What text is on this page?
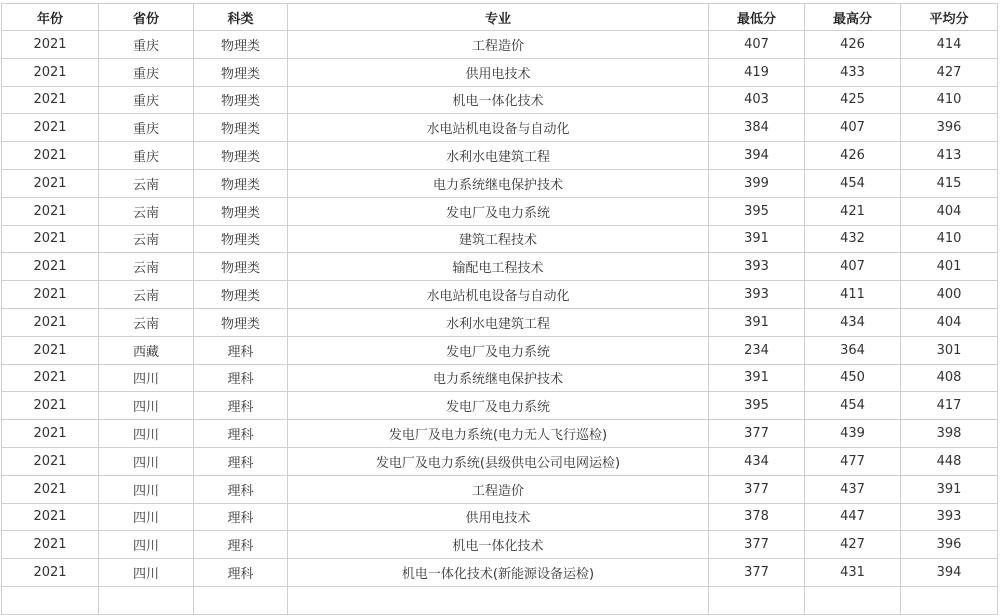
年份	省份	科类	专业	最低分	最高分	平均分
2021	重庆	物理类	工程造价	407	426	414
2021	重庆	物理类	供用电技术	419	433	427
2021	重庆	物理类	机电一体化技术	403	425	410
2021	重庆	物理类	水电站机电设备与自动化	384	407	396
2021	重庆	物理类	水利水电建筑工程	394	426	413
2021	云南	物理类	电力系统继电保护技术	399	454	415
2021	云南	物理类	发电厂及电力系统	395	421	404
2021	云南	物理类	建筑工程技术	391	432	410
2021	云南	物理类	输配电工程技术	393	407	401
2021	云南	物理类	水电站机电设备与自动化	393	411	400
2021	云南	物理类	水利水电建筑工程	391	434	404
2021	西藏	理科	发电厂及电力系统	234	364	301
2021	四川	理科	电力系统继电保护技术	391	450	408
2021	四川	理科	发电厂及电力系统	395	454	417
2021	四川	理科	发电厂及电力系统(电力无人飞行巡检)	377	439	398
2021	四川	理科	发电厂及电力系统(县级供电公司电网运检)	434	477	448
2021	四川	理科	工程造价	377	437	391
2021	四川	理科	供用电技术	378	447	393
2021	四川	理科	机电一体化技术	377	427	396
2021	四川	理科	机电一体化技术(新能源设备运检)	377	431	394
